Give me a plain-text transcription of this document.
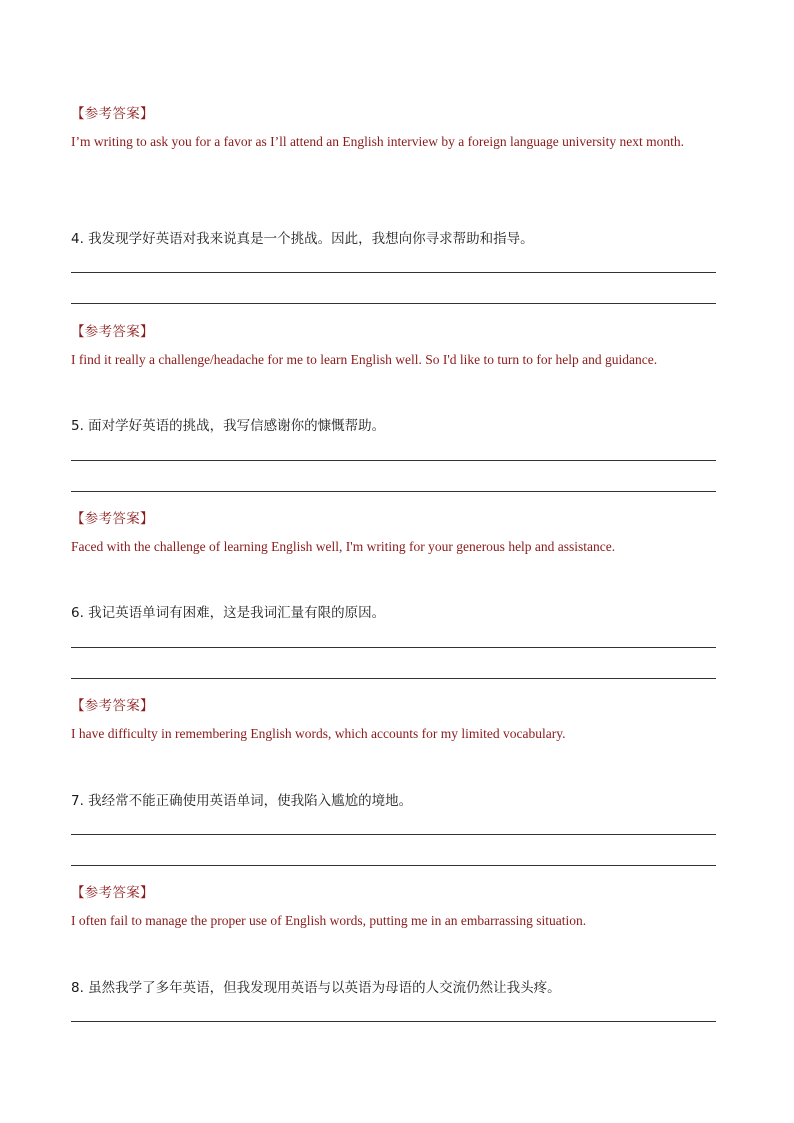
【参考答案】
I’m writing to ask you for a favor as I’ll attend an English interview by a foreign language university next month.
4. 我发现学好英语对我来说真是一个挑战。因此，我想向你寻求帮助和指导。
【参考答案】
I find it really a challenge/headache for me to learn English well. So I'd like to turn to for help and guidance.
5. 面对学好英语的挑战，我写信感谢你的慷慨帮助。
【参考答案】
Faced with the challenge of learning English well, I'm writing for your generous help and assistance.
6. 我记英语单词有困难，这是我词汇量有限的原因。
【参考答案】
I have difficulty in remembering English words, which accounts for my limited vocabulary.
7. 我经常不能正确使用英语单词，使我陷入尴尬的境地。
【参考答案】
I often fail to manage the proper use of English words, putting me in an embarrassing situation.
8. 虽然我学了多年英语，但我发现用英语与以英语为母语的人交流仍然让我头疼。
